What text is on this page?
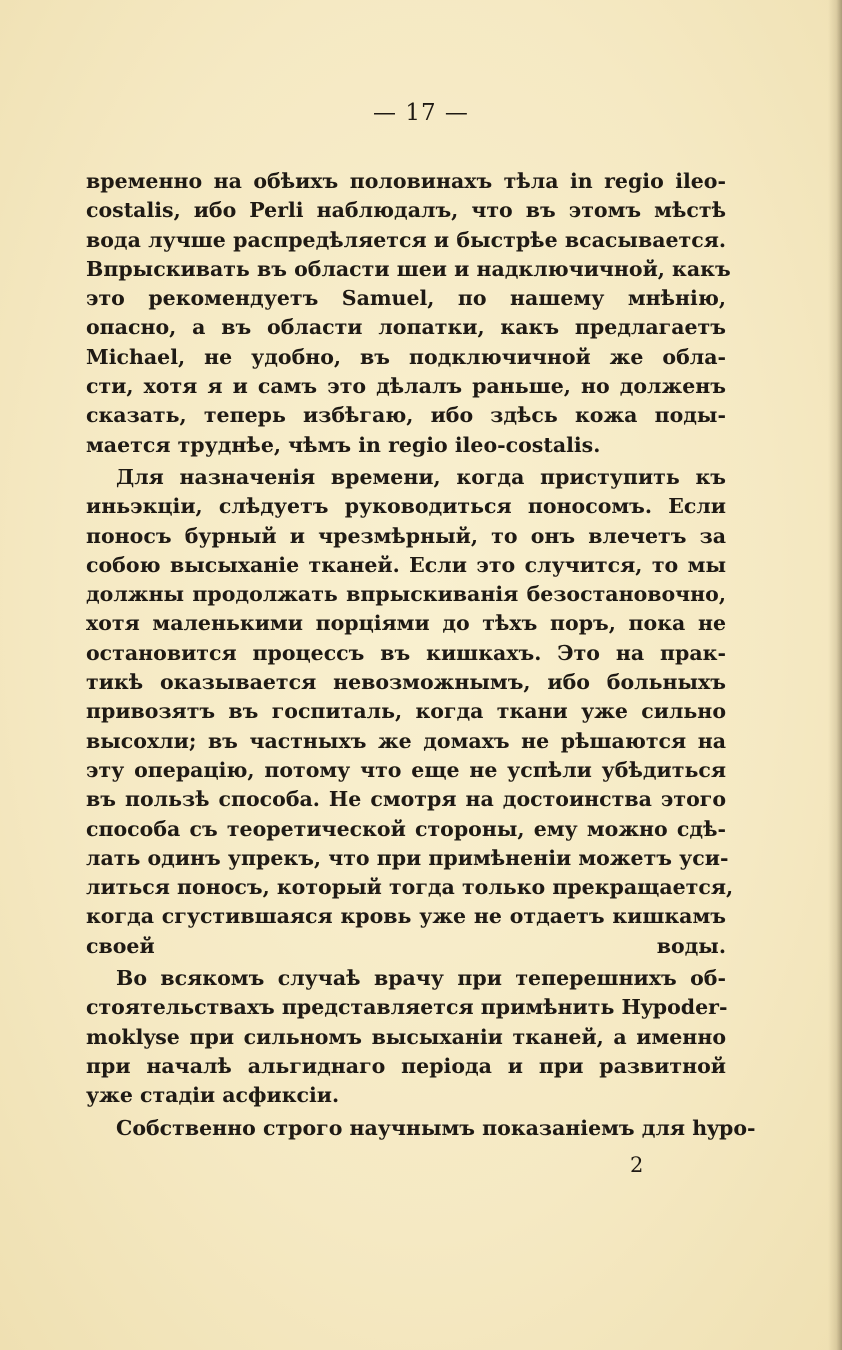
— 17 —
временно на обѣихъ половинахъ тѣла in regio ileo-
costalis, ибо Perli наблюдалъ, что въ этомъ мѣстѣ
вода лучше распредѣляется и быстрѣе всасывается.
Впрыскивать въ области шеи и надключичной, какъ
это рекомендуетъ Samuel, по нашему мнѣнію,
опасно, а въ области лопатки, какъ предлагаетъ
Michael, не удобно, въ подключичной же обла-
сти, хотя я и самъ это дѣлалъ раньше, но долженъ
сказать, теперь избѣгаю, ибо здѣсь кожа поды-
мается труднѣе, чѣмъ in regio ileo-costalis.
Для назначенія времени, когда приступить къ
иньэкціи, слѣдуетъ руководиться поносомъ. Если
поносъ бурный и чрезмѣрный, то онъ влечетъ за
собою высыханіе тканей. Если это случится, то мы
должны продолжать впрыскиванія безостановочно,
хотя маленькими порціями до тѣхъ поръ, пока не
остановится процессъ въ кишкахъ. Это на прак-
тикѣ оказывается невозможнымъ, ибо больныхъ
привозятъ въ госпиталь, когда ткани уже сильно
высохли; въ частныхъ же домахъ не рѣшаются на
эту операцію, потому что еще не успѣли убѣдиться
въ пользѣ способа. Не смотря на достоинства этого
способа съ теоретической стороны, ему можно сдѣ-
лать одинъ упрекъ, что при примѣненіи можетъ уси-
литься поносъ, который тогда только прекращается,
когда сгустившаяся кровь уже не отдаетъ кишкамъ
своей воды.
Во всякомъ случаѣ врачу при теперешнихъ об-
стоятельствахъ представляется примѣнить Hypoder-
moklyse при сильномъ высыханіи тканей, а именно
при началѣ альгиднаго періода и при развитной
уже стадіи асфиксіи.
Собственно строго научнымъ показаніемъ для hypo-
2
